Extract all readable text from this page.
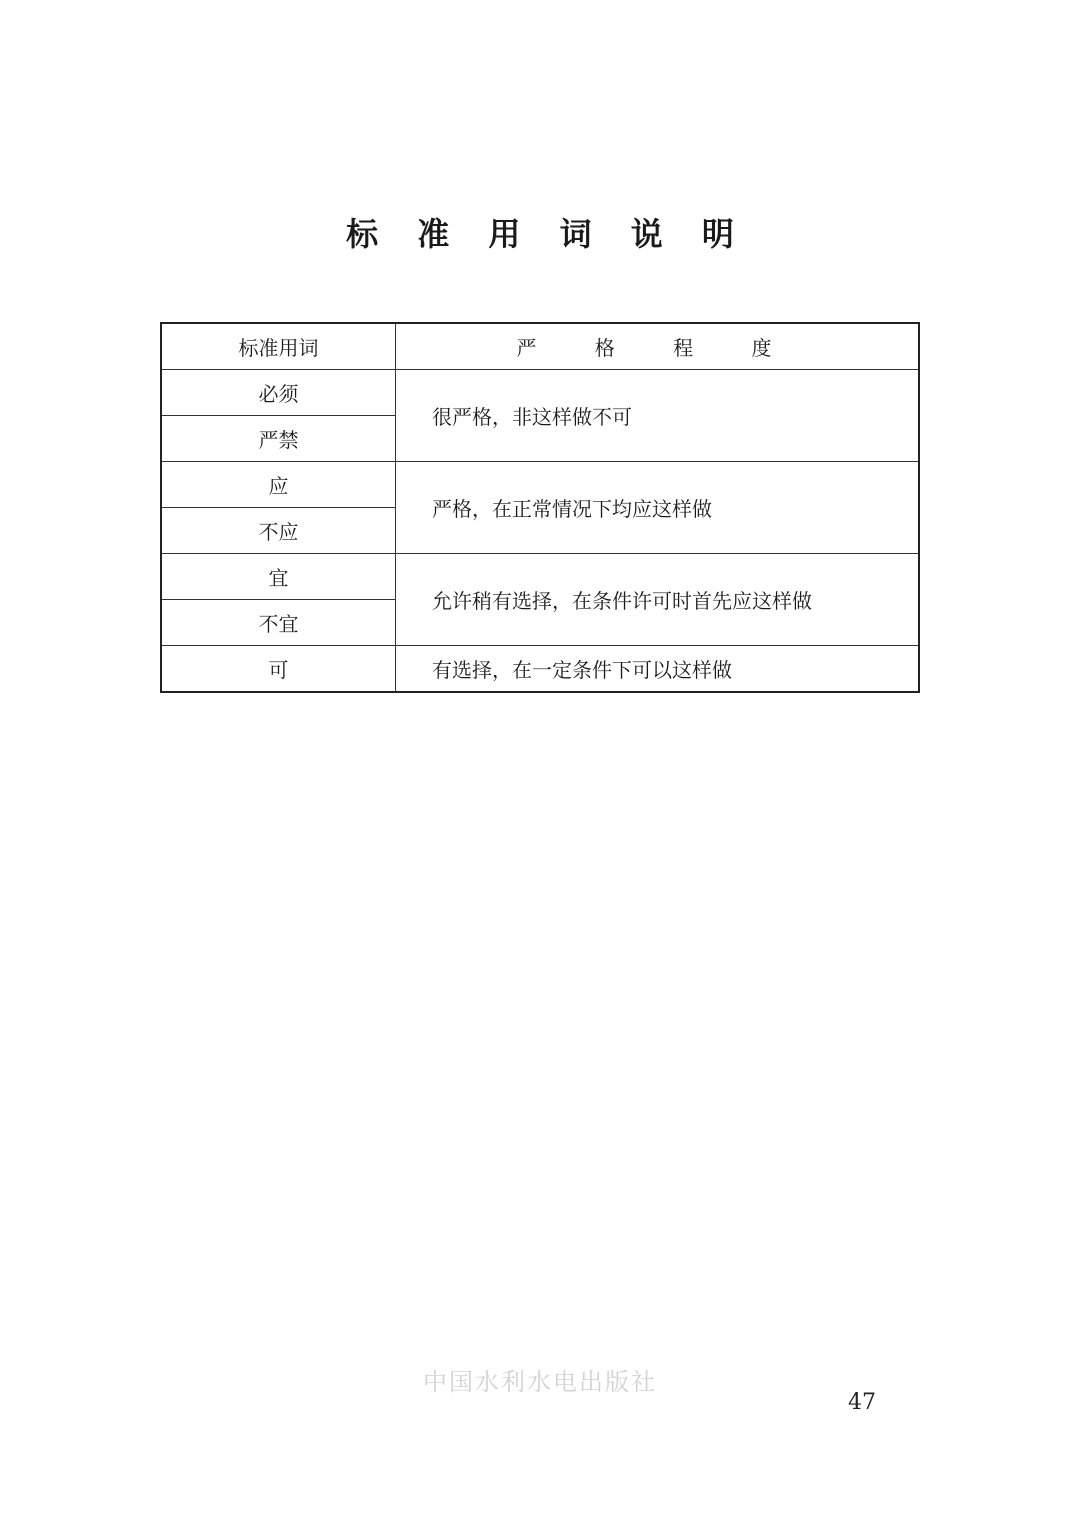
标 准 用 词 说 明
标准用词	严 格 程 度
必须	很严格，非这样做不可
严禁	
应	严格，在正常情况下均应这样做
不应	
宜	允许稍有选择，在条件许可时首先应这样做
不宜	
可	有选择，在一定条件下可以这样做
中国水利水电出版社
47
